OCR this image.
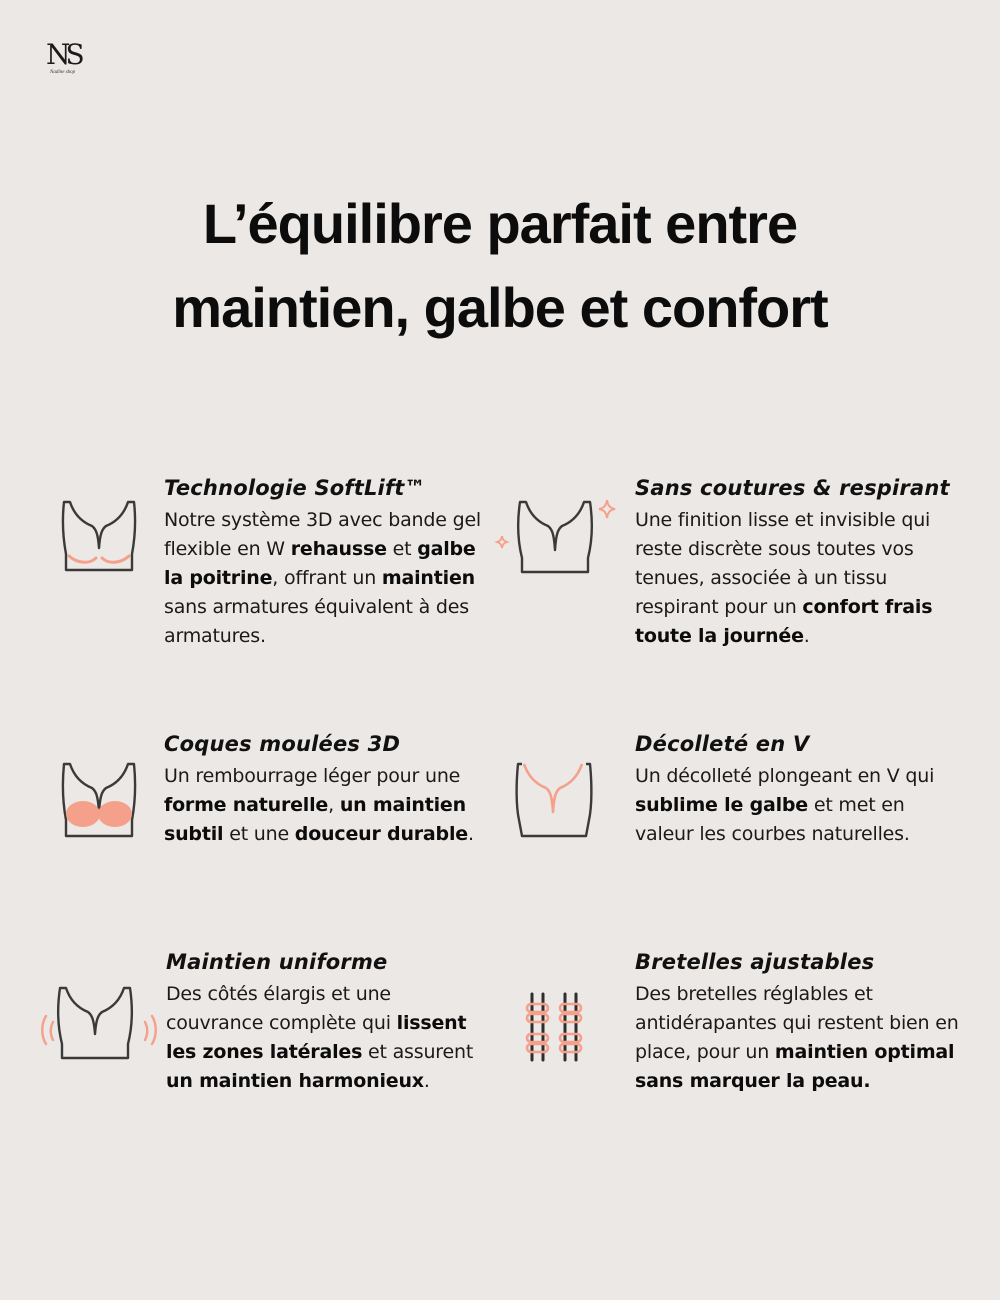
NS
Nadine shop
L’équilibre parfait entre
maintien, galbe et confort
Technologie SoftLift™

Notre système 3D avec bande gel flexible en W rehausse et galbe la poitrine, offrant un maintien sans armatures équivalent à des armatures.

Sans coutures & respirant

Une finition lisse et invisible qui reste discrète sous toutes vos tenues, associée à un tissu respirant pour un confort frais toute la journée.

Coques moulées 3D

Un rembourrage léger pour une forme naturelle, un maintien subtil et une douceur durable.

Décolleté en V

Un décolleté plongeant en V qui sublime le galbe et met en valeur les courbes naturelles.

Maintien uniforme

Des côtés élargis et une couvrance complète qui lissent les zones latérales et assurent un maintien harmonieux.

Bretelles ajustables

Des bretelles réglables et antidérapantes qui restent bien en place, pour un maintien optimal sans marquer la peau.
